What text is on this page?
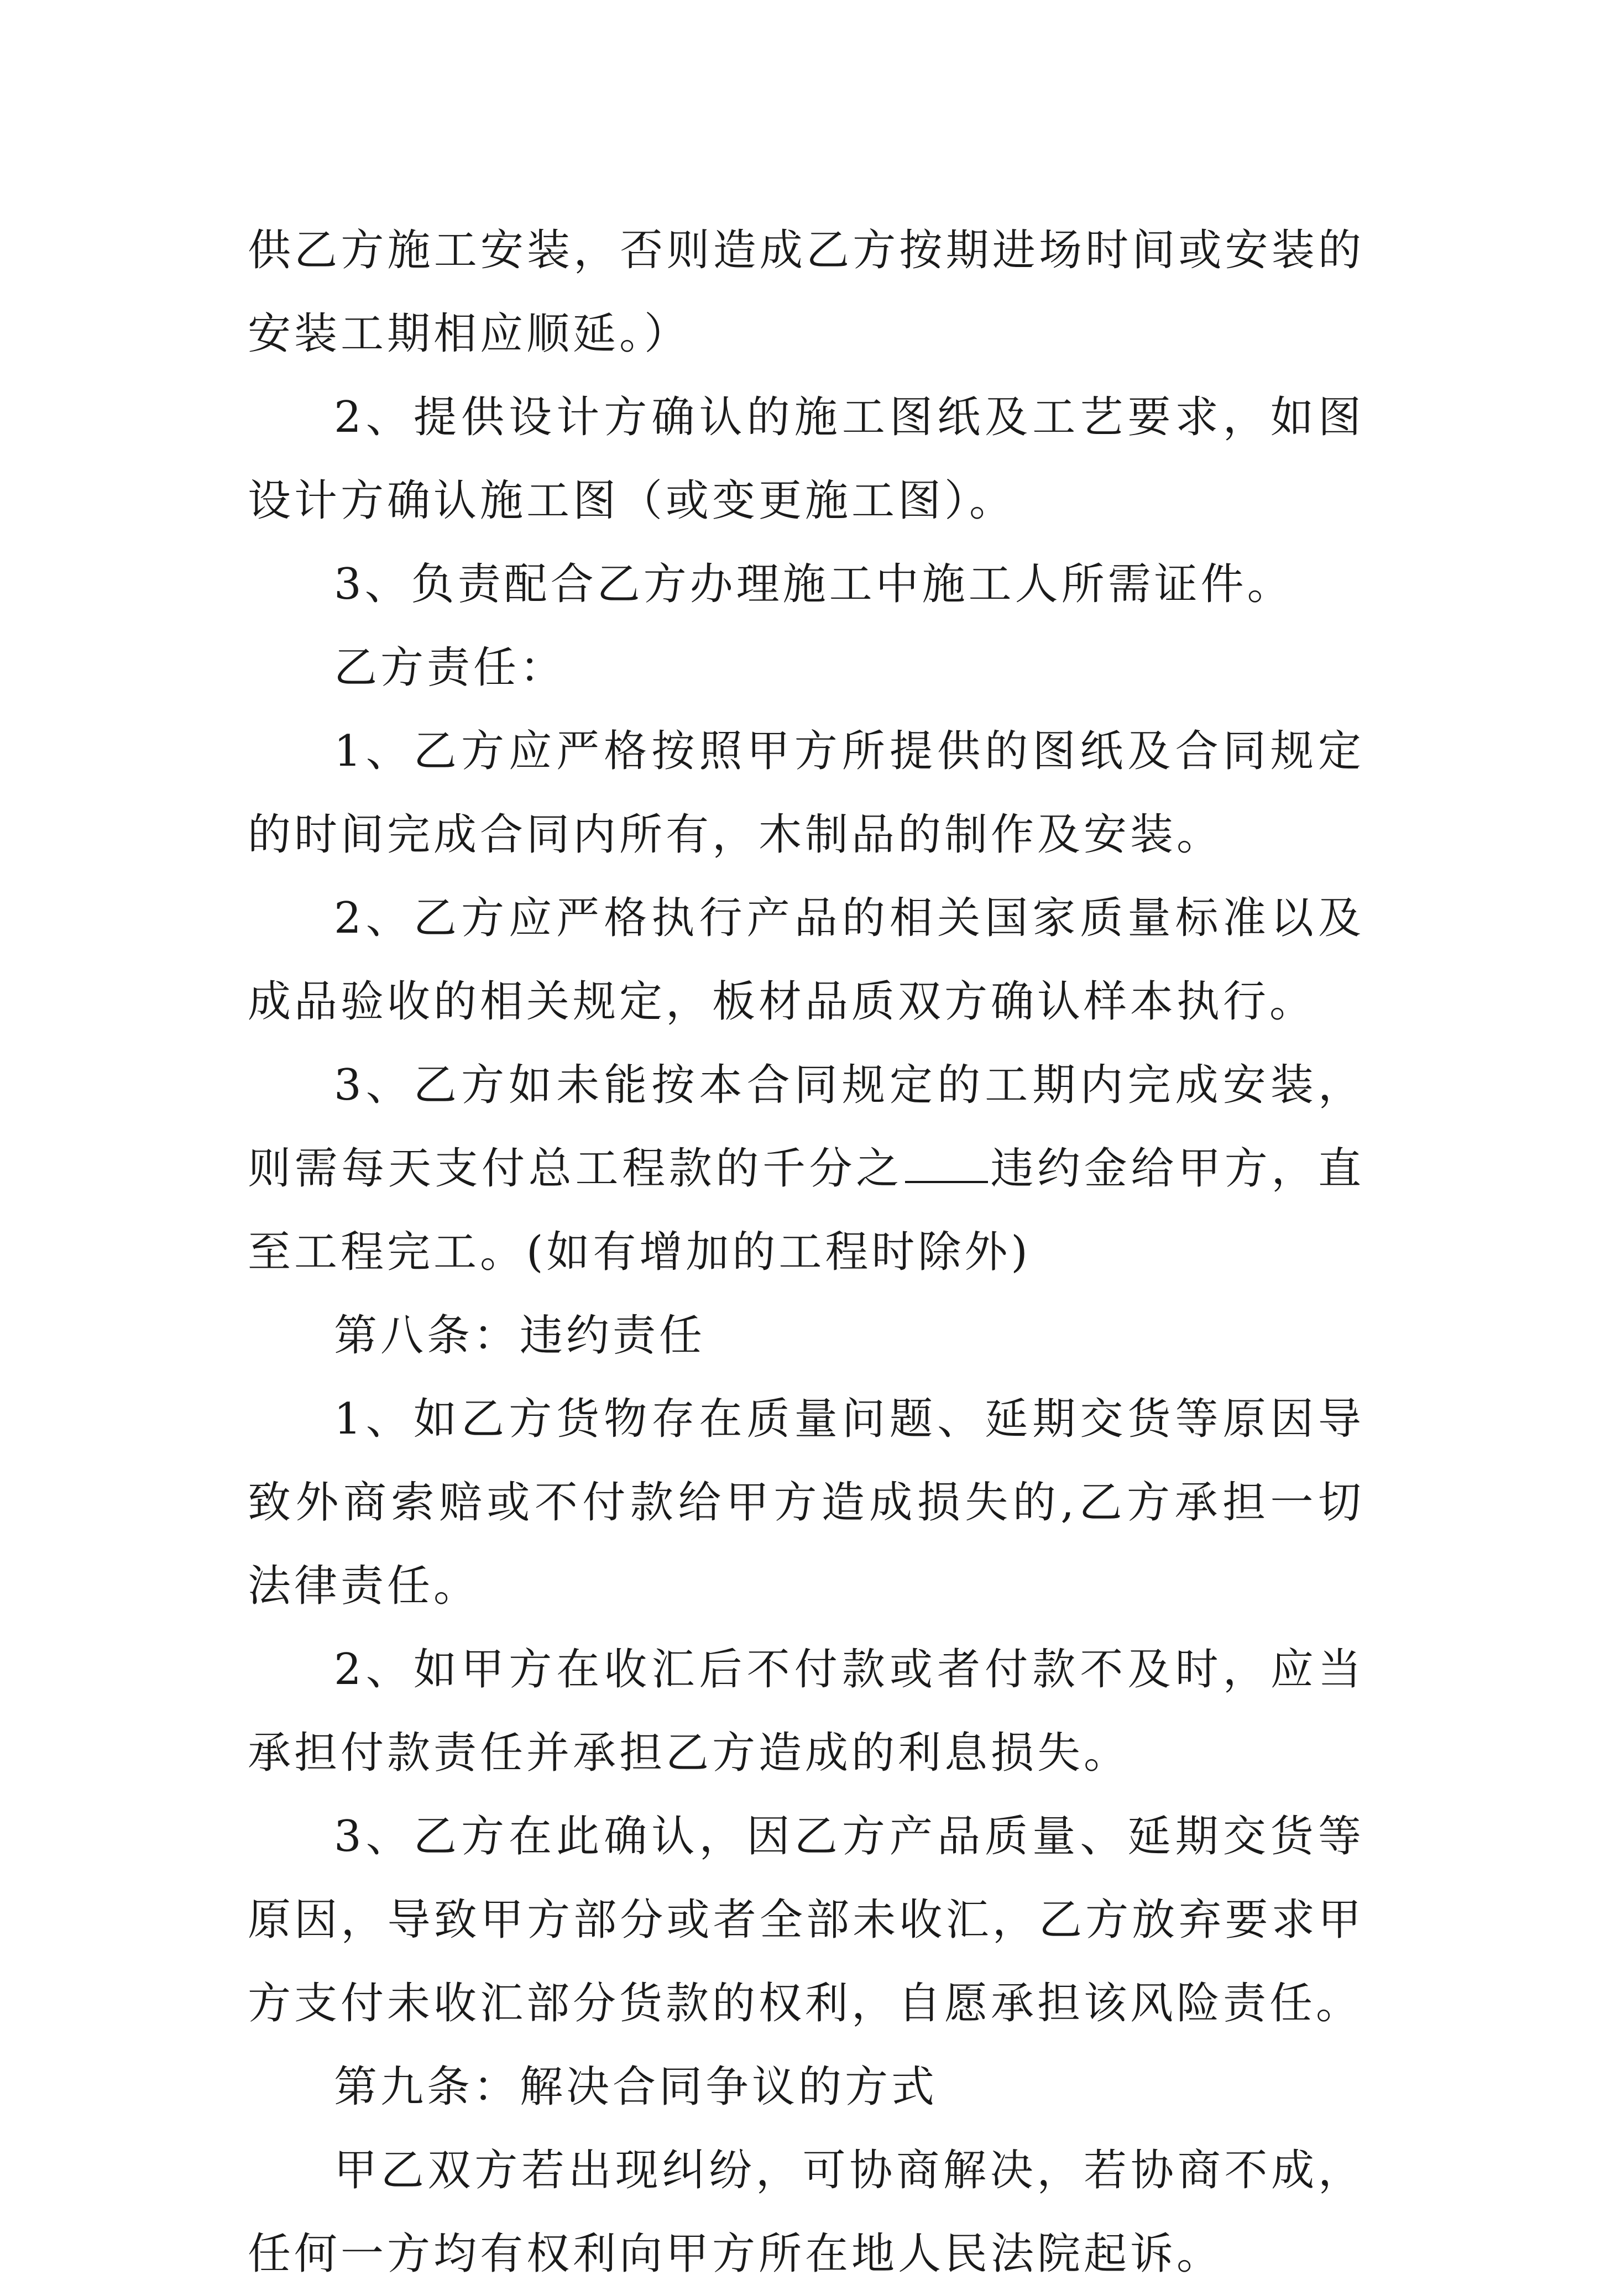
供乙方施工安装，否则造成乙方按期进场时间或安装的安装工期相应顺延。）

2、提供设计方确认的施工图纸及工艺要求，如图设计方确认施工图（或变更施工图）。

3、负责配合乙方办理施工中施工人所需证件。

乙方责任：

1、乙方应严格按照甲方所提供的图纸及合同规定的时间完成合同内所有，木制品的制作及安装。

2、乙方应严格执行产品的相关国家质量标准以及成品验收的相关规定，板材品质双方确认样本执行。

3、乙方如未能按本合同规定的工期内完成安装，则需每天支付总工程款的千分之 违约金给甲方，直至工程完工。(如有增加的工程时除外)

第八条：违约责任

1、如乙方货物存在质量问题、延期交货等原因导致外商索赔或不付款给甲方造成损失的,乙方承担一切法律责任。

2、如甲方在收汇后不付款或者付款不及时，应当承担付款责任并承担乙方造成的利息损失。

3、乙方在此确认，因乙方产品质量、延期交货等原因，导致甲方部分或者全部未收汇，乙方放弃要求甲方支付未收汇部分货款的权利，自愿承担该风险责任。

第九条：解决合同争议的方式

甲乙双方若出现纠纷，可协商解决，若协商不成，任何一方均有权利向甲方所在地人民法院起诉。
